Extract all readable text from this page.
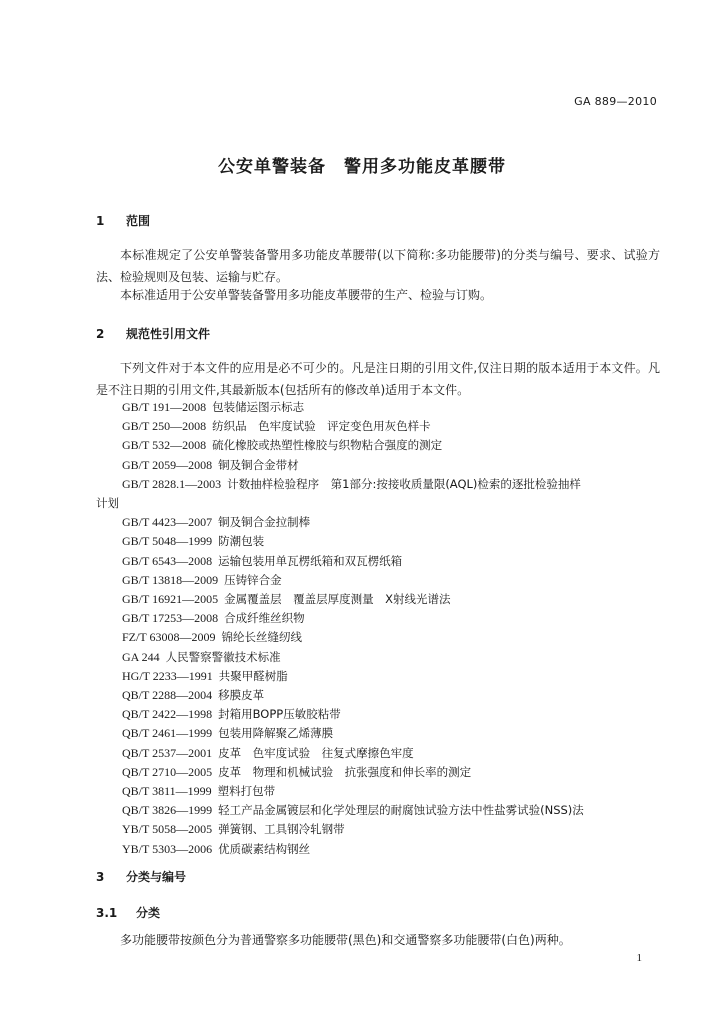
GA 889—2010
公安单警装备　警用多功能皮革腰带
1 范围
本标准规定了公安单警装备警用多功能皮革腰带(以下简称:多功能腰带)的分类与编号、要求、试验方法、检验规则及包装、运输与贮存。
本标准适用于公安单警装备警用多功能皮革腰带的生产、检验与订购。
2 规范性引用文件
下列文件对于本文件的应用是必不可少的。凡是注日期的引用文件,仅注日期的版本适用于本文件。凡是不注日期的引用文件,其最新版本(包括所有的修改单)适用于本文件。
GB/T 191—2008 包装储运图示标志
GB/T 250—2008 纺织品　色牢度试验　评定变色用灰色样卡
GB/T 532—2008 硫化橡胶或热塑性橡胶与织物粘合强度的测定
GB/T 2059—2008 铜及铜合金带材
GB/T 2828.1—2003 计数抽样检验程序　第1部分:按接收质量限(AQL)检索的逐批检验抽样
计划
GB/T 4423—2007 铜及铜合金拉制棒
GB/T 5048—1999 防潮包装
GB/T 6543—2008 运输包装用单瓦楞纸箱和双瓦楞纸箱
GB/T 13818—2009 压铸锌合金
GB/T 16921—2005 金属覆盖层　覆盖层厚度测量　X射线光谱法
GB/T 17253—2008 合成纤维丝织物
FZ/T 63008—2009 锦纶长丝缝纫线
GA 244 人民警察警徽技术标准
HG/T 2233—1991 共聚甲醛树脂
QB/T 2288—2004 移膜皮革
QB/T 2422—1998 封箱用BOPP压敏胶粘带
QB/T 2461—1999 包装用降解聚乙烯薄膜
QB/T 2537—2001 皮革　色牢度试验　往复式摩擦色牢度
QB/T 2710—2005 皮革　物理和机械试验　抗张强度和伸长率的测定
QB/T 3811—1999 塑料打包带
QB/T 3826—1999 轻工产品金属镀层和化学处理层的耐腐蚀试验方法中性盐雾试验(NSS)法
YB/T 5058—2005 弹簧钢、工具钢冷轧钢带
YB/T 5303—2006 优质碳素结构钢丝
3 分类与编号
3.1 分类
多功能腰带按颜色分为普通警察多功能腰带(黑色)和交通警察多功能腰带(白色)两种。
1
